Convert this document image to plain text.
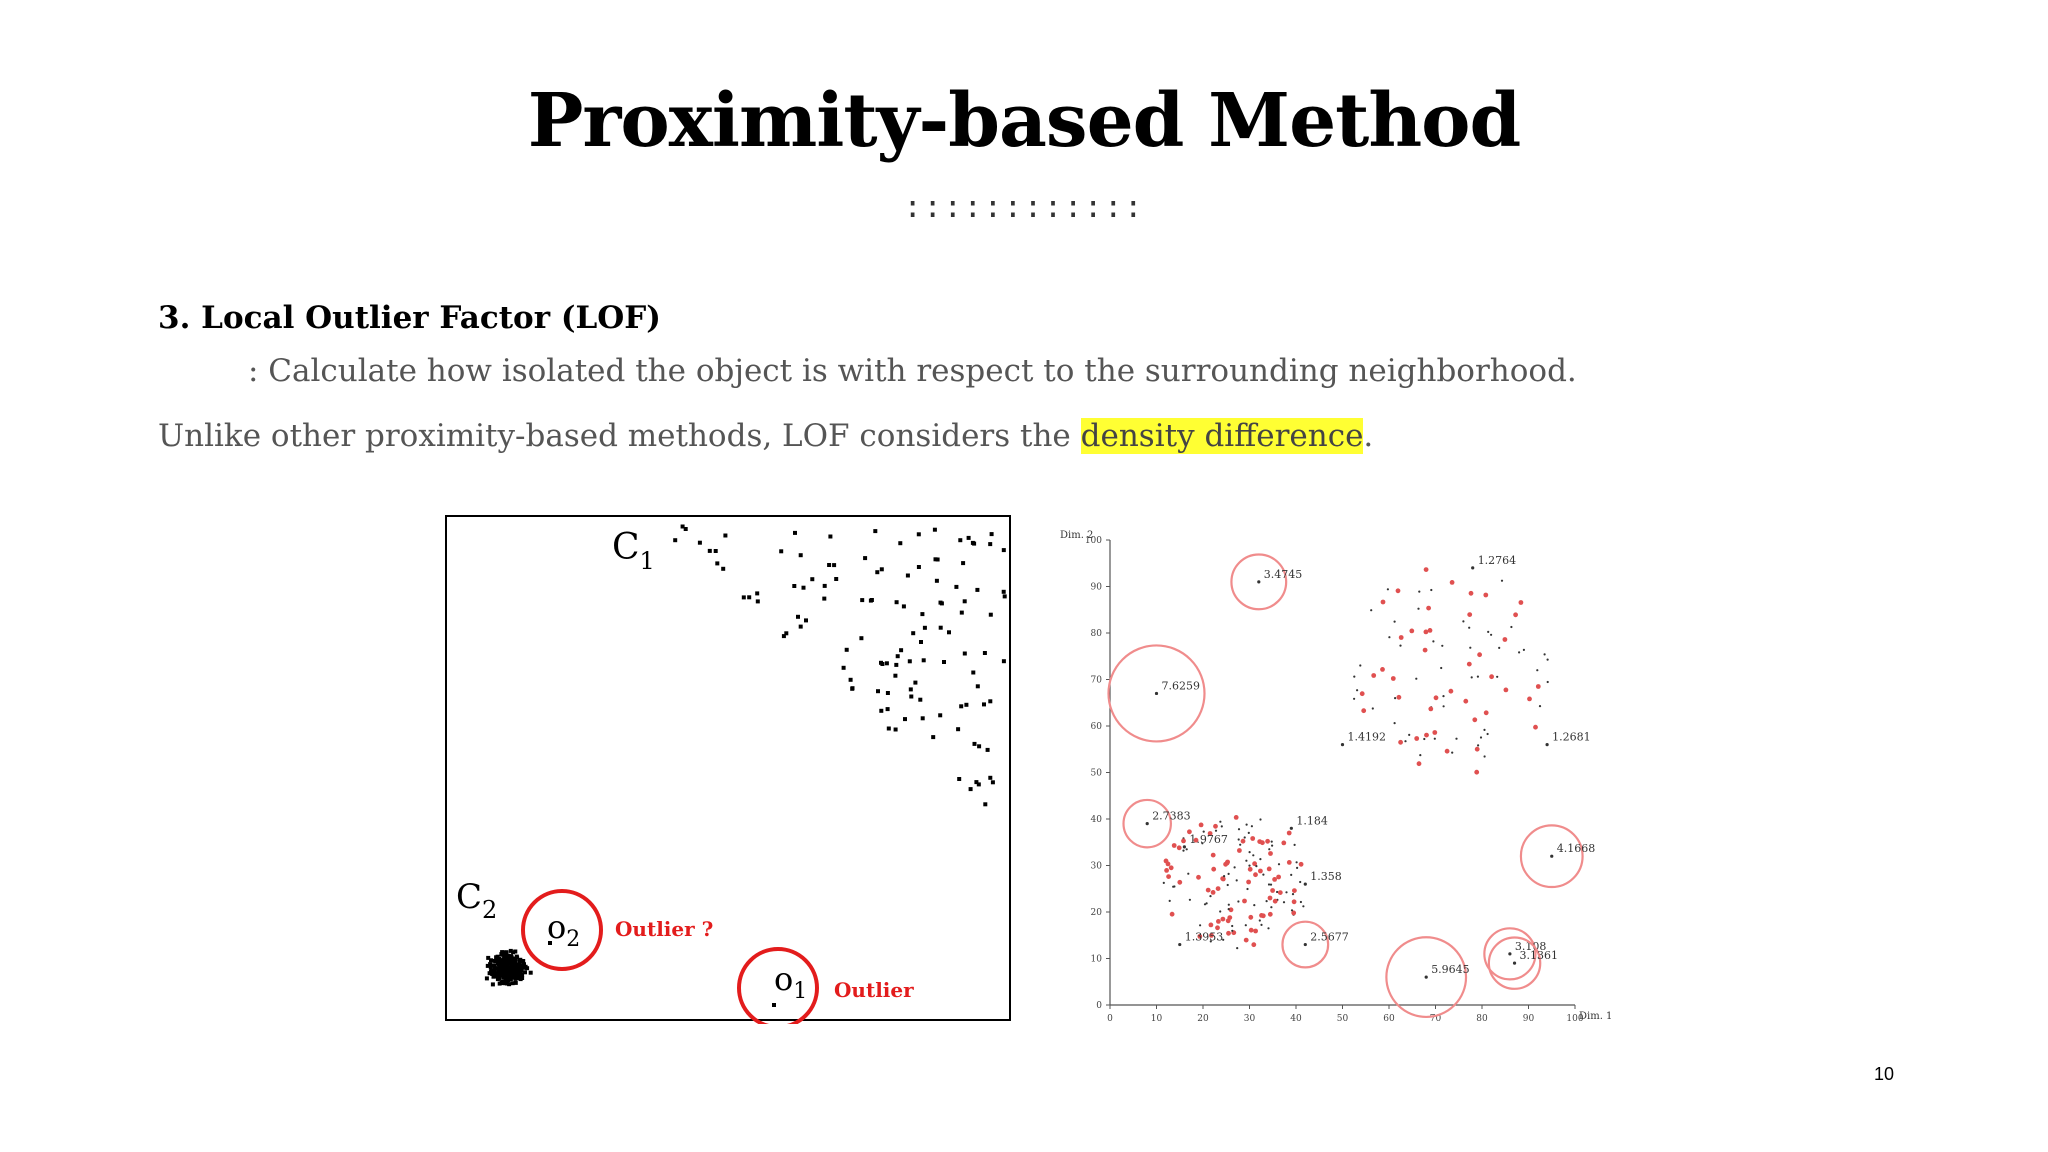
Proximity-based Method
::::::::::::
3. Local Outlier Factor (LOF)
: Calculate how isolated the object is with respect to the surrounding neighborhood.
Unlike other proximity-based methods, LOF considers the density difference.
$C_1$
$C_2$ $o_2$ Outlier ?
$o_1$ Outlier
0	10	20	30	40	50	60	70	80	90	100
0
10
20
30
40
50
60
70
80
90
100
Dim. 1
Dim. 2
3.4745
1.2764
7.6259
1.4192	1.2681
2.7383	1.184
1.9767
1.358
4.1668
2.5677
1.3953
3.108
3.1361
5.9645
10
